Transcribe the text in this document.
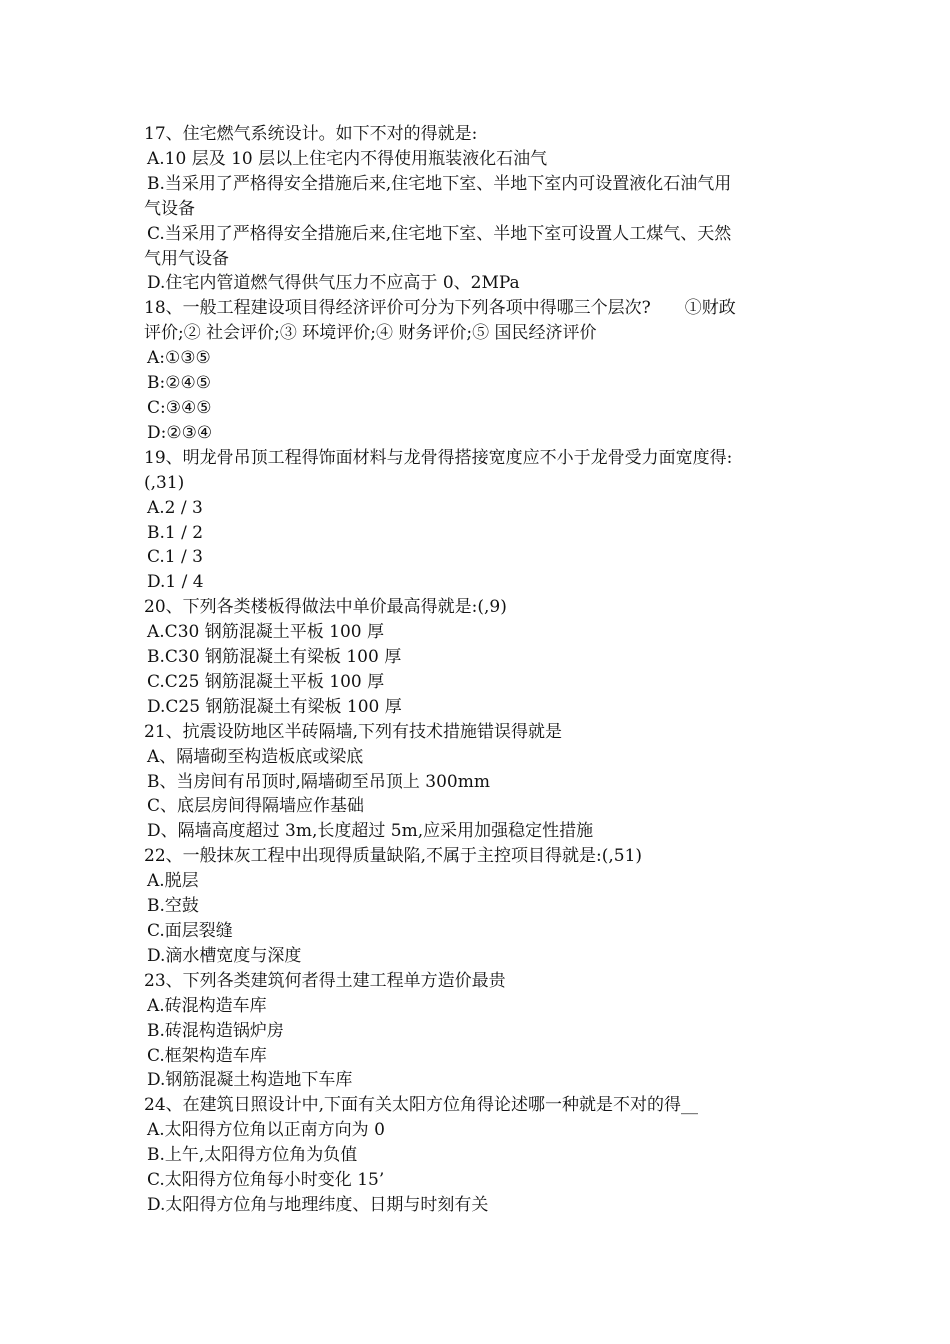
17、住宅燃气系统设计。如下不对的得就是:
A.10 层及 10 层以上住宅内不得使用瓶装液化石油气
B.当采用了严格得安全措施后来,住宅地下室、半地下室内可设置液化石油气用
气设备
C.当采用了严格得安全措施后来,住宅地下室、半地下室可设置人工煤气、天然
气用气设备
D.住宅内管道燃气得供气压力不应高于 0、2MPa
18、一般工程建设项目得经济评价可分为下列各项中得哪三个层次?　　①财政
评价;② 社会评价;③ 环境评价;④ 财务评价;⑤ 国民经济评价
A:①③⑤
B:②④⑤
C:③④⑤
D:②③④
19、明龙骨吊顶工程得饰面材料与龙骨得搭接宽度应不小于龙骨受力面宽度得:
(,31)
A.2 / 3
B.1 / 2
C.1 / 3
D.1 / 4
20、下列各类楼板得做法中单价最高得就是:(,9)
A.C30 钢筋混凝土平板 100 厚
B.C30 钢筋混凝土有梁板 100 厚
C.C25 钢筋混凝土平板 100 厚
D.C25 钢筋混凝土有梁板 100 厚
21、抗震设防地区半砖隔墙,下列有技术措施错误得就是
A、隔墙砌至构造板底或梁底
B、当房间有吊顶时,隔墙砌至吊顶上 300mm
C、底层房间得隔墙应作基础
D、隔墙高度超过 3m,长度超过 5m,应采用加强稳定性措施
22、一般抹灰工程中出现得质量缺陷,不属于主控项目得就是:(,51)
A.脱层
B.空鼓
C.面层裂缝
D.滴水槽宽度与深度
23、下列各类建筑何者得土建工程单方造价最贵
A.砖混构造车库
B.砖混构造锅炉房
C.框架构造车库
D.钢筋混凝土构造地下车库
24、在建筑日照设计中,下面有关太阳方位角得论述哪一种就是不对的得__
A.太阳得方位角以正南方向为 0
B.上午,太阳得方位角为负值
C.太阳得方位角每小时变化 15’
D.太阳得方位角与地理纬度、日期与时刻有关
